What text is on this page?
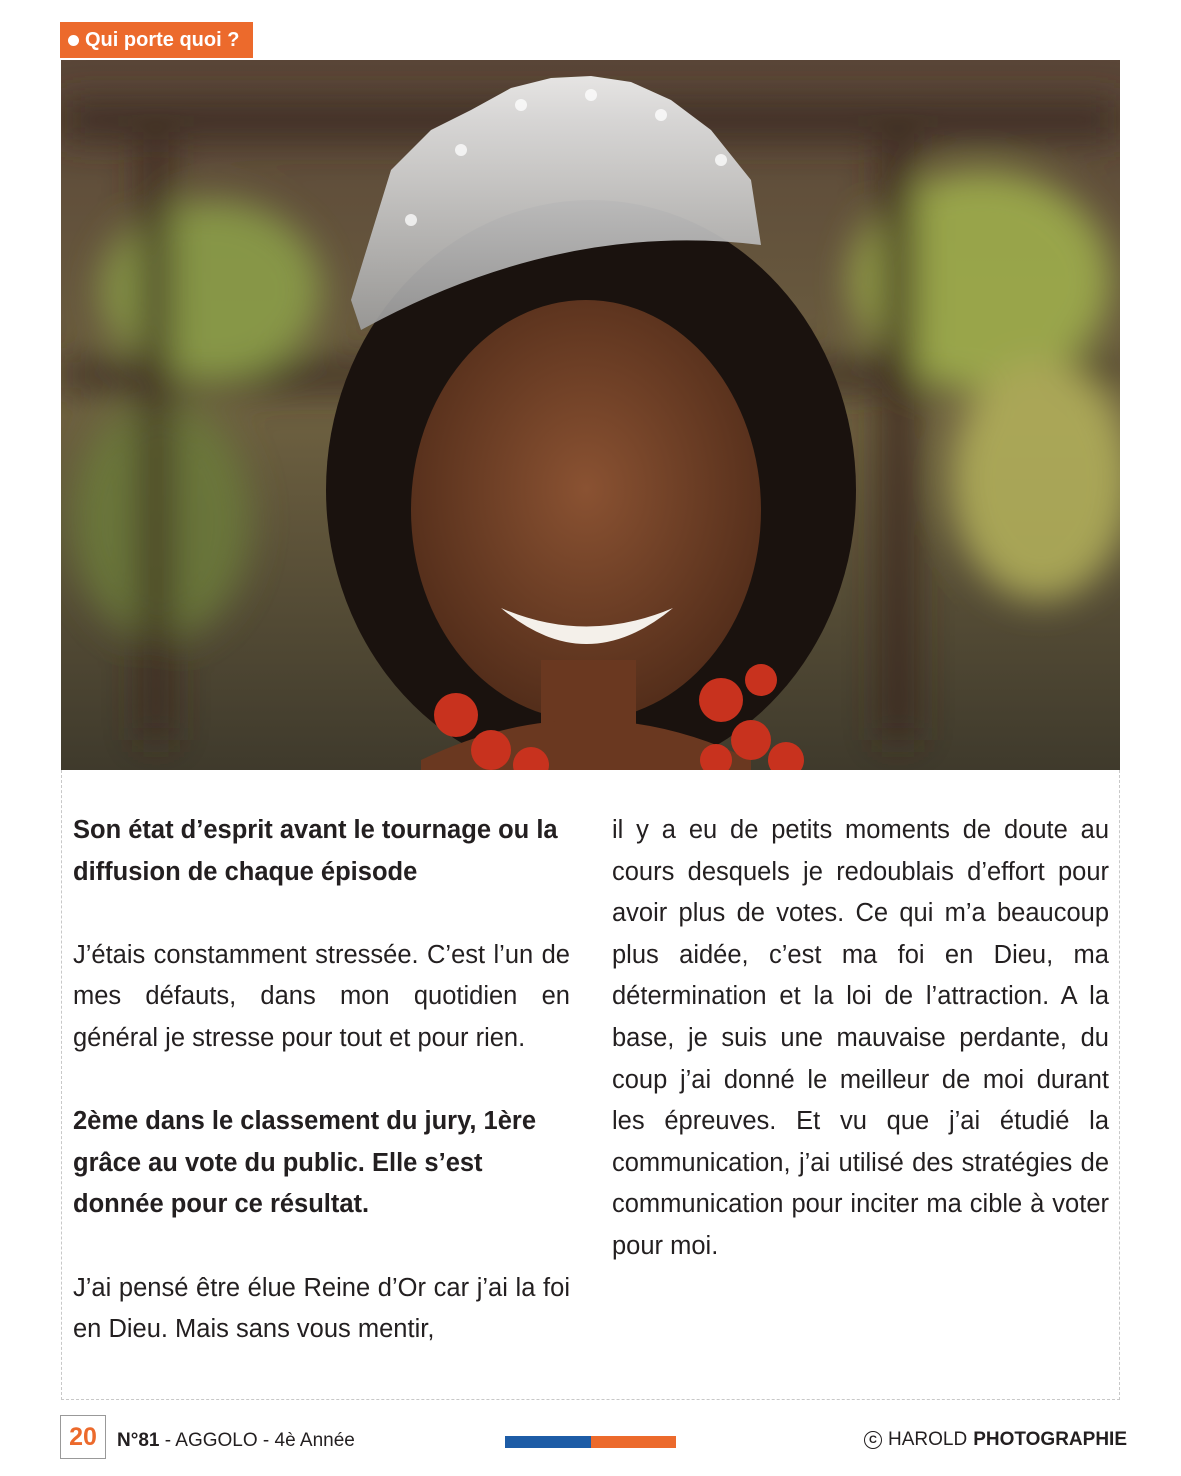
Qui porte quoi ?

Son état d’esprit avant le tournage ou la diffusion de chaque épisode

J’étais constamment stressée. C’est l’un de mes défauts, dans mon quotidien en général je stresse pour tout et pour rien.

2ème dans le classement du jury, 1ère grâce au vote du public. Elle s’est donnée pour ce résultat.

J’ai pensé être élue Reine d’Or car j’ai la foi en Dieu. Mais sans vous mentir,

il y a eu de petits moments de doute au cours desquels je redoublais d’effort pour avoir plus de votes. Ce qui m’a beaucoup plus aidée, c’est ma foi en Dieu, ma détermination et la loi de l’attraction. A la base, je suis une mauvaise perdante, du coup j’ai donné le meilleur de moi durant les épreuves. Et vu que j’ai étudié la communication, j’ai utilisé des stratégies de communication pour inciter ma cible à voter pour moi.

20	N°81 - AGGOLO - 4è Année	C HAROLD PHOTOGRAPHIE
